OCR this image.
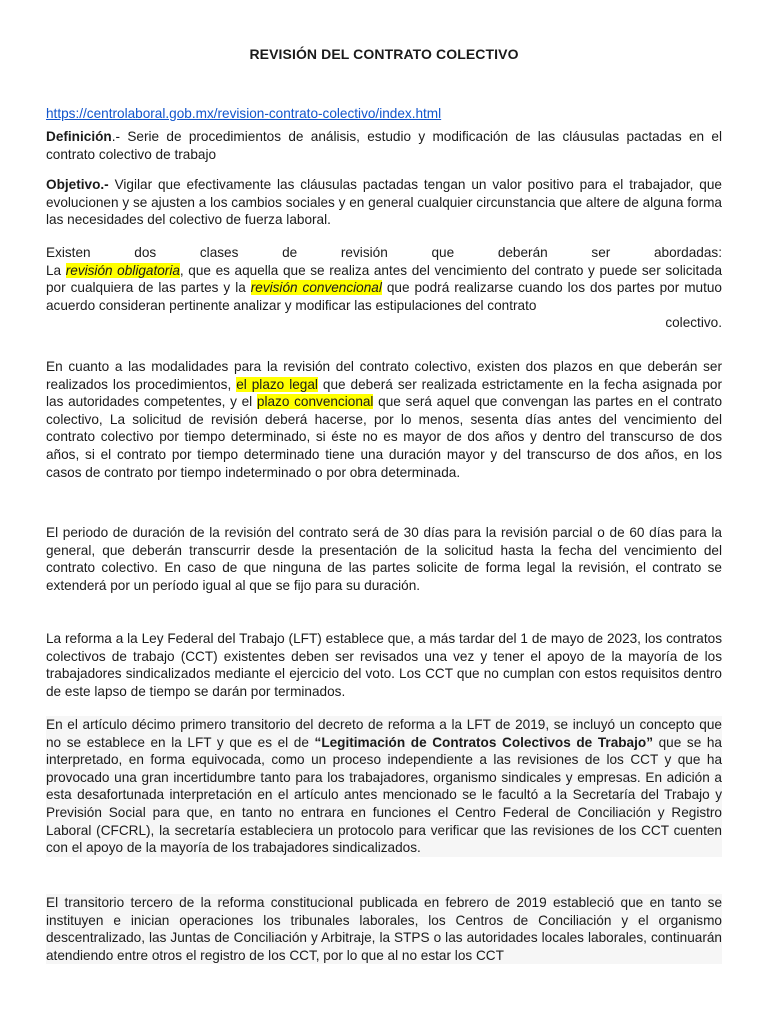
REVISIÓN DEL CONTRATO COLECTIVO
https://centrolaboral.gob.mx/revision-contrato-colectivo/index.html

Definición.- Serie de procedimientos de análisis, estudio y modificación de las cláusulas pactadas en el contrato colectivo de trabajo

Objetivo.- Vigilar que efectivamente las cláusulas pactadas tengan un valor positivo para el trabajador, que evolucionen y se ajusten a los cambios sociales y en general cualquier circunstancia que altere de alguna forma las necesidades del colectivo de fuerza laboral.

Existen dos clases de revisión que deberán ser abordadas:
La revisión obligatoria, que es aquella que se realiza antes del vencimiento del contrato y puede ser solicitada por cualquiera de las partes y la revisión convencional que podrá realizarse cuando los dos partes por mutuo acuerdo consideran pertinente analizar y modificar las estipulaciones del contrato
colectivo.

En cuanto a las modalidades para la revisión del contrato colectivo, existen dos plazos en que deberán ser realizados los procedimientos, el plazo legal que deberá ser realizada estrictamente en la fecha asignada por las autoridades competentes, y el plazo convencional que será aquel que convengan las partes en el contrato colectivo, La solicitud de revisión deberá hacerse, por lo menos, sesenta días antes del vencimiento del contrato colectivo por tiempo determinado, si éste no es mayor de dos años y dentro del transcurso de dos años, si el contrato por tiempo determinado tiene una duración mayor y del transcurso de dos años, en los casos de contrato por tiempo indeterminado o por obra determinada.

El periodo de duración de la revisión del contrato será de 30 días para la revisión parcial o de 60 días para la general, que deberán transcurrir desde la presentación de la solicitud hasta la fecha del vencimiento del contrato colectivo. En caso de que ninguna de las partes solicite de forma legal la revisión, el contrato se extenderá por un período igual al que se fijo para su duración.

La reforma a la Ley Federal del Trabajo (LFT) establece que, a más tardar del 1 de mayo de 2023, los contratos colectivos de trabajo (CCT) existentes deben ser revisados una vez y tener el apoyo de la mayoría de los trabajadores sindicalizados mediante el ejercicio del voto. Los CCT que no cumplan con estos requisitos dentro de este lapso de tiempo se darán por terminados.

En el artículo décimo primero transitorio del decreto de reforma a la LFT de 2019, se incluyó un concepto que no se establece en la LFT y que es el de “Legitimación de Contratos Colectivos de Trabajo” que se ha interpretado, en forma equivocada, como un proceso independiente a las revisiones de los CCT y que ha provocado una gran incertidumbre tanto para los trabajadores, organismo sindicales y empresas. En adición a esta desafortunada interpretación en el artículo antes mencionado se le facultó a la Secretaría del Trabajo y Previsión Social para que, en tanto no entrara en funciones el Centro Federal de Conciliación y Registro Laboral (CFCRL), la secretaría estableciera un protocolo para verificar que las revisiones de los CCT cuenten con el apoyo de la mayoría de los trabajadores sindicalizados.

El transitorio tercero de la reforma constitucional publicada en febrero de 2019 estableció que en tanto se instituyen e inician operaciones los tribunales laborales, los Centros de Conciliación y el organismo descentralizado, las Juntas de Conciliación y Arbitraje, la STPS o las autoridades locales laborales, continuarán atendiendo entre otros el registro de los CCT, por lo que al no estar los CCT
